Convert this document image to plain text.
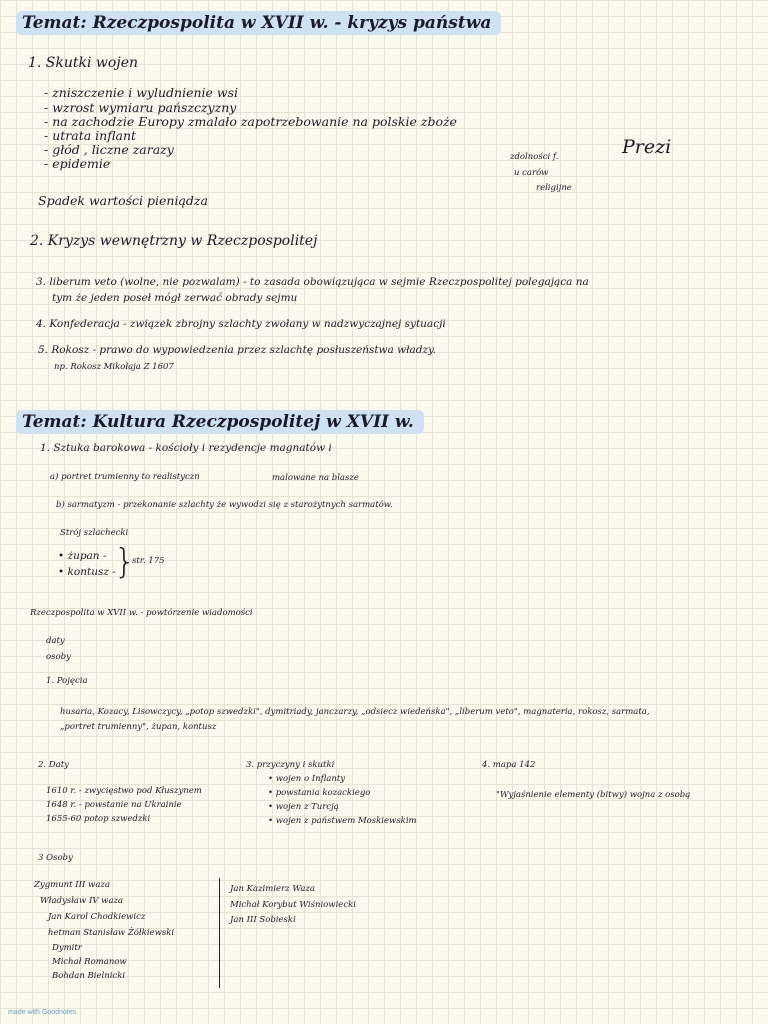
Temat: Rzeczpospolita w XVII w. - kryzys państwa
1. Skutki wojen
- zniszczenie i wyludnienie wsi
- wzrost wymiaru pańszczyzny
- na zachodzie Europy zmalało zapotrzebowanie na polskie zboże
- utrata inflant
- głód , liczne zarazy
- epidemie
Prezi
zdolności f.
u carów
religijne
Spadek wartości pieniądza
2. Kryzys wewnętrzny w Rzeczpospolitej
3. liberum veto (wolne, nie pozwalam) - to zasada obowiązująca w sejmie Rzeczpospolitej polegająca na
tym że jeden poseł mógł zerwać obrady sejmu
4. Konfederacja - związek zbrojny szlachty zwołany w nadzwyczajnej sytuacji
5. Rokosz - prawo do wypowiedzenia przez szlachtę posłuszeństwa władzy.
np. Rokosz Mikołaja Z 1607
Temat: Kultura Rzeczpospolitej w XVII w.
1. Sztuka barokowa - kościoły i rezydencje magnatów i
a) portret trumienny to realistyczn	malowane na blasze
b) sarmatyzm - przekonanie szlachty że wywodzi się z starożytnych sarmatów.
Strój szlachecki
• żupan -
• kontusz -
}
str. 175
Rzeczpospolita w XVII w. - powtórzenie wiadomości
daty
osoby
1. Pojęcia
husaria, Kozacy, Lisowczycy, „potop szwedzki", dymitriady, janczarzy, „odsiecz wiedeńska", „liberum veto", magnateria, rokosz, sarmata,
„portret trumienny", żupan, kontusz
2. Daty
1610 r. - zwycięstwo pod Kłuszynem
1648 r. - powstanie na Ukrainie
1655-60 potop szwedzki
3. przyczyny i skutki
• wojen o Inflanty
• powstania kozackiego
• wojen z Turcją
• wojen z państwem Moskiewskim
4. mapa 142
"Wyjaśnienie elementy (bitwy) wojna z osobą
3 Osoby
Zygmunt III waza
Władysław IV waza
Jan Karol Chodkiewicz
hetman Stanisław Żółkiewski
Dymitr
Michał Romanow
Bohdan Bielnicki
Jan Kazimierz Waza
Michał Korybut Wiśniowiecki
Jan III Sobieski
made with Goodnotes
